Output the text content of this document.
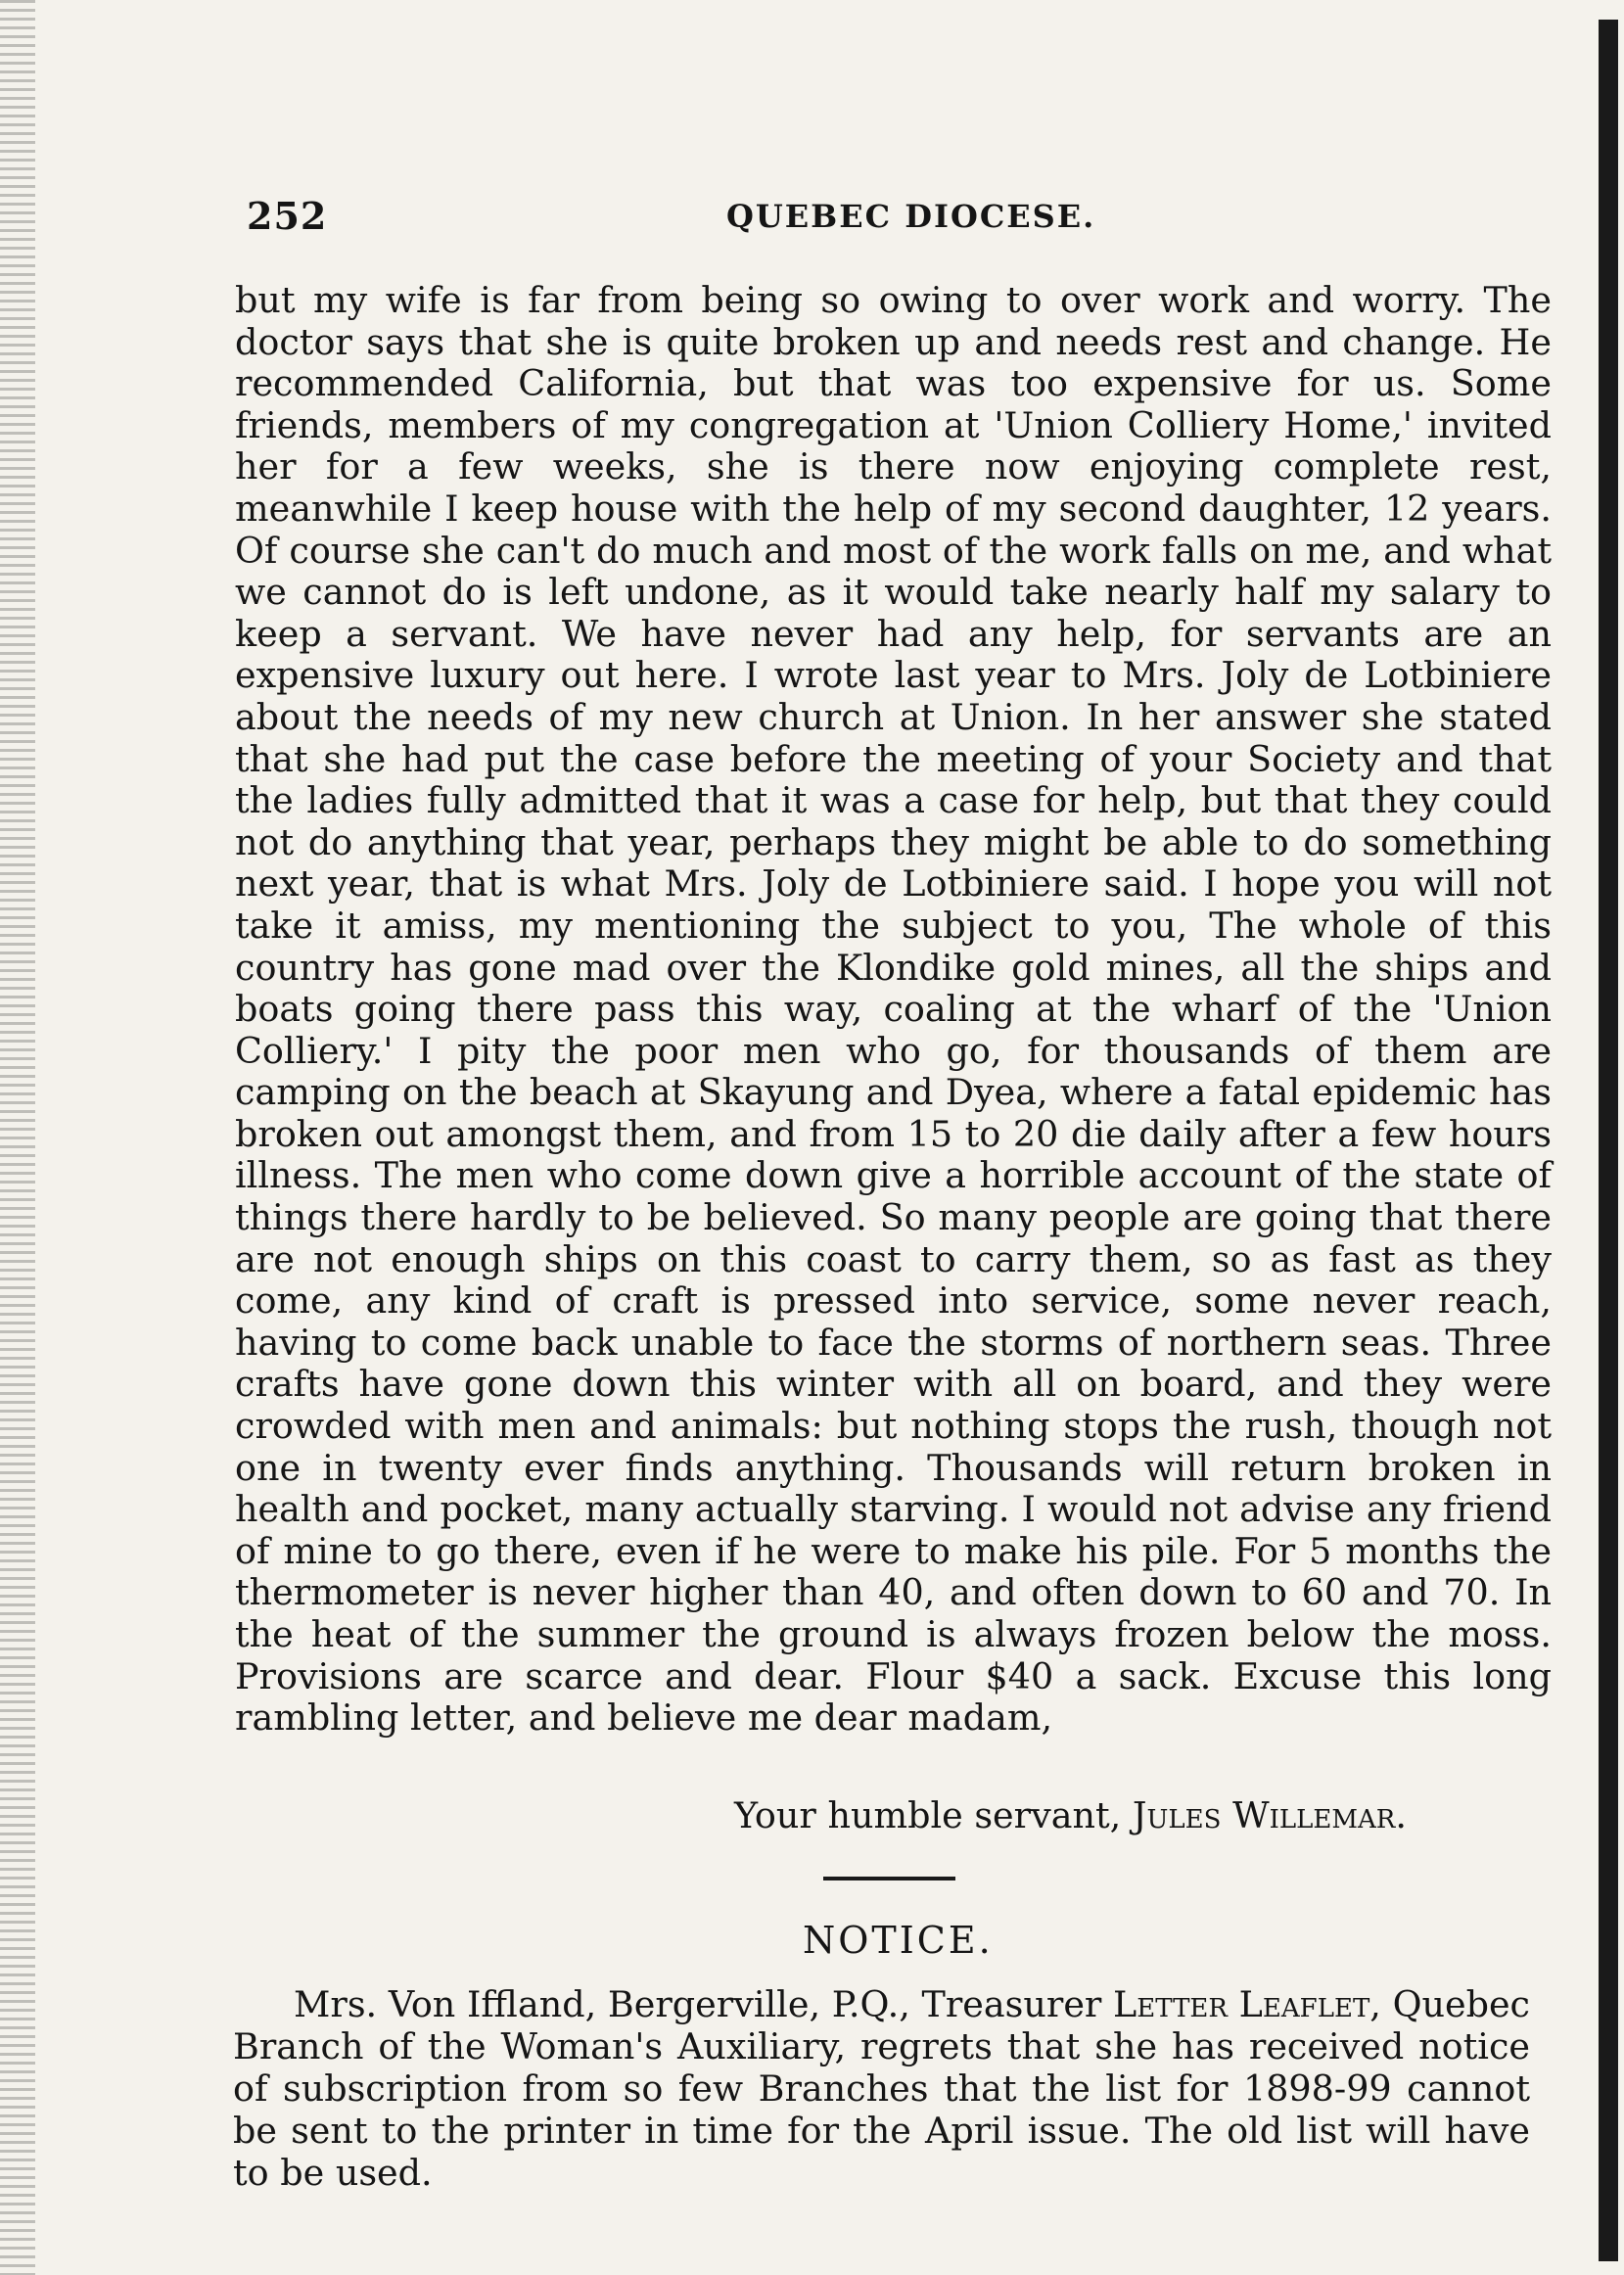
252	QUEBEC DIOCESE.

but my wife is far from being so owing to over work and worry. The doctor says that she is quite broken up and needs rest and change. He recommended California, but that was too expensive for us. Some friends, members of my congregation at 'Union Colliery Home,' invited her for a few weeks, she is there now enjoying complete rest, meanwhile I keep house with the help of my second daughter, 12 years. Of course she can't do much and most of the work falls on me, and what we cannot do is left undone, as it would take nearly half my salary to keep a servant. We have never had any help, for servants are an expensive luxury out here. I wrote last year to Mrs. Joly de Lotbiniere about the needs of my new church at Union. In her answer she stated that she had put the case before the meeting of your Society and that the ladies fully admitted that it was a case for help, but that they could not do anything that year, perhaps they might be able to do something next year, that is what Mrs. Joly de Lotbiniere said. I hope you will not take it amiss, my mentioning the subject to you, The whole of this country has gone mad over the Klondike gold mines, all the ships and boats going there pass this way, coaling at the wharf of the 'Union Colliery.' I pity the poor men who go, for thousands of them are camping on the beach at Skayung and Dyea, where a fatal epidemic has broken out amongst them, and from 15 to 20 die daily after a few hours illness. The men who come down give a horrible account of the state of things there hardly to be believed. So many people are going that there are not enough ships on this coast to carry them, so as fast as they come, any kind of craft is pressed into service, some never reach, having to come back unable to face the storms of northern seas. Three crafts have gone down this winter with all on board, and they were crowded with men and animals: but nothing stops the rush, though not one in twenty ever finds anything. Thousands will return broken in health and pocket, many actually starving. I would not advise any friend of mine to go there, even if he were to make his pile. For 5 months the thermometer is never higher than 40, and often down to 60 and 70. In the heat of the summer the ground is always frozen below the moss. Provisions are scarce and dear. Flour $40 a sack. Excuse this long rambling letter, and believe me dear madam,

Your humble servant, Jules Willemar.
NOTICE.

Mrs. Von Iffland, Bergerville, P.Q., Treasurer Letter Leaflet, Quebec Branch of the Woman's Auxiliary, regrets that she has received notice of subscription from so few Branches that the list for 1898-99 cannot be sent to the printer in time for the April issue. The old list will have to be used.
